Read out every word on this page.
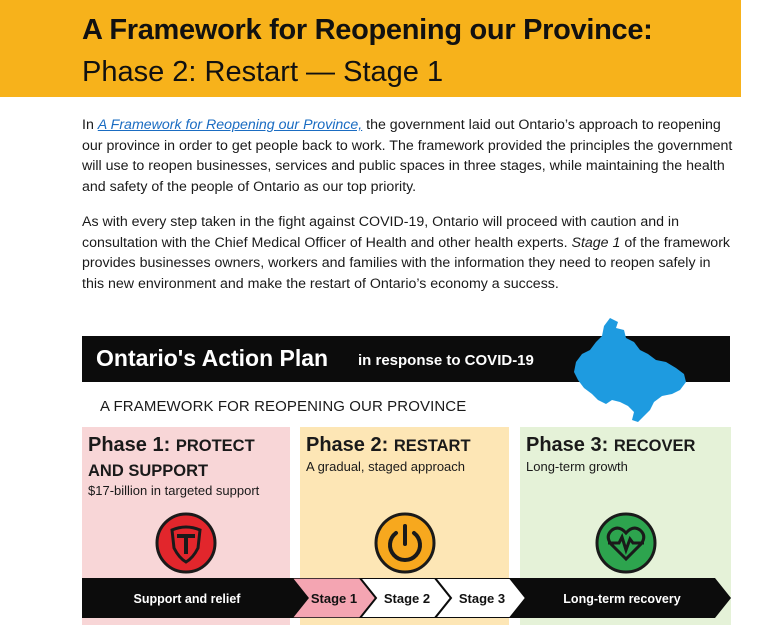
A Framework for Reopening our Province:
Phase 2: Restart — Stage 1

In A Framework for Reopening our Province, the government laid out Ontario’s approach to reopening our province in order to get people back to work. The framework provided the principles the government will use to reopen businesses, services and public spaces in three stages, while maintaining the health and safety of the people of Ontario as our top priority.

As with every step taken in the fight against COVID-19, Ontario will proceed with caution and in consultation with the Chief Medical Officer of Health and other health experts. Stage 1 of the framework provides businesses owners, workers and families with the information they need to reopen safely in this new environment and make the restart of Ontario’s economy a success.

Ontario's Action Plan in response to COVID-19
A FRAMEWORK FOR REOPENING OUR PROVINCE

Phase 1: PROTECT AND SUPPORT

$17-billion in targeted support

Phase 2: RESTART

A gradual, staged approach

Phase 3: RECOVER

Long-term growth
Support and relief	Stage 1 Stage 2 Stage 3	Long-term recovery
